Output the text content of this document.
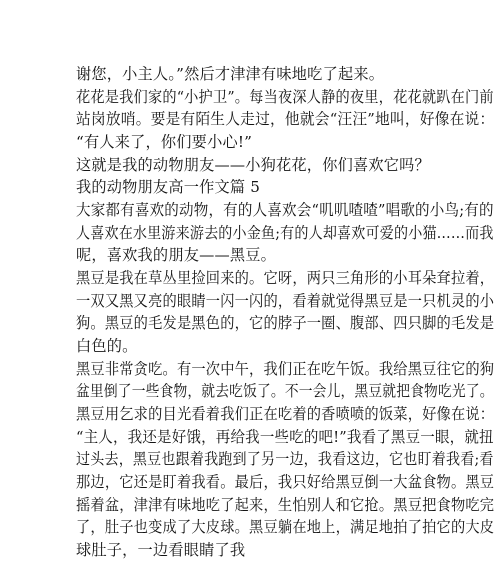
谢您，小主人。”然后才津津有味地吃了起来。
花花是我们家的“小护卫”。每当夜深人静的夜里，花花就趴在门前
站岗放哨。要是有陌生人走过，他就会“汪汪”地叫，好像在说：
“有人来了，你们要小心!”
这就是我的动物朋友——小狗花花，你们喜欢它吗？
我的动物朋友高一作文篇 5
大家都有喜欢的动物，有的人喜欢会“叽叽喳喳”唱歌的小鸟;有的
人喜欢在水里游来游去的小金鱼;有的人却喜欢可爱的小猫……而我
呢，喜欢我的朋友——黑豆。
黑豆是我在草丛里捡回来的。它呀，两只三角形的小耳朵耷拉着，
一双又黑又亮的眼睛一闪一闪的，看着就觉得黑豆是一只机灵的小
狗。黑豆的毛发是黑色的，它的脖子一圈、腹部、四只脚的毛发是
白色的。
黑豆非常贪吃。有一次中午，我们正在吃午饭。我给黑豆往它的狗
盆里倒了一些食物，就去吃饭了。不一会儿，黑豆就把食物吃光了。
黑豆用乞求的目光看着我们正在吃着的香喷喷的饭菜，好像在说：
“主人，我还是好饿，再给我一些吃的吧!”我看了黑豆一眼，就扭
过头去，黑豆也跟着我跑到了另一边，我看这边，它也盯着我看;看
那边，它还是盯着我看。最后，我只好给黑豆倒一大盆食物。黑豆
摇着盆，津津有味地吃了起来，生怕别人和它抢。黑豆把食物吃完
了，肚子也变成了大皮球。黑豆躺在地上，满足地拍了拍它的大皮
球肚子，一边看眼睛了我
